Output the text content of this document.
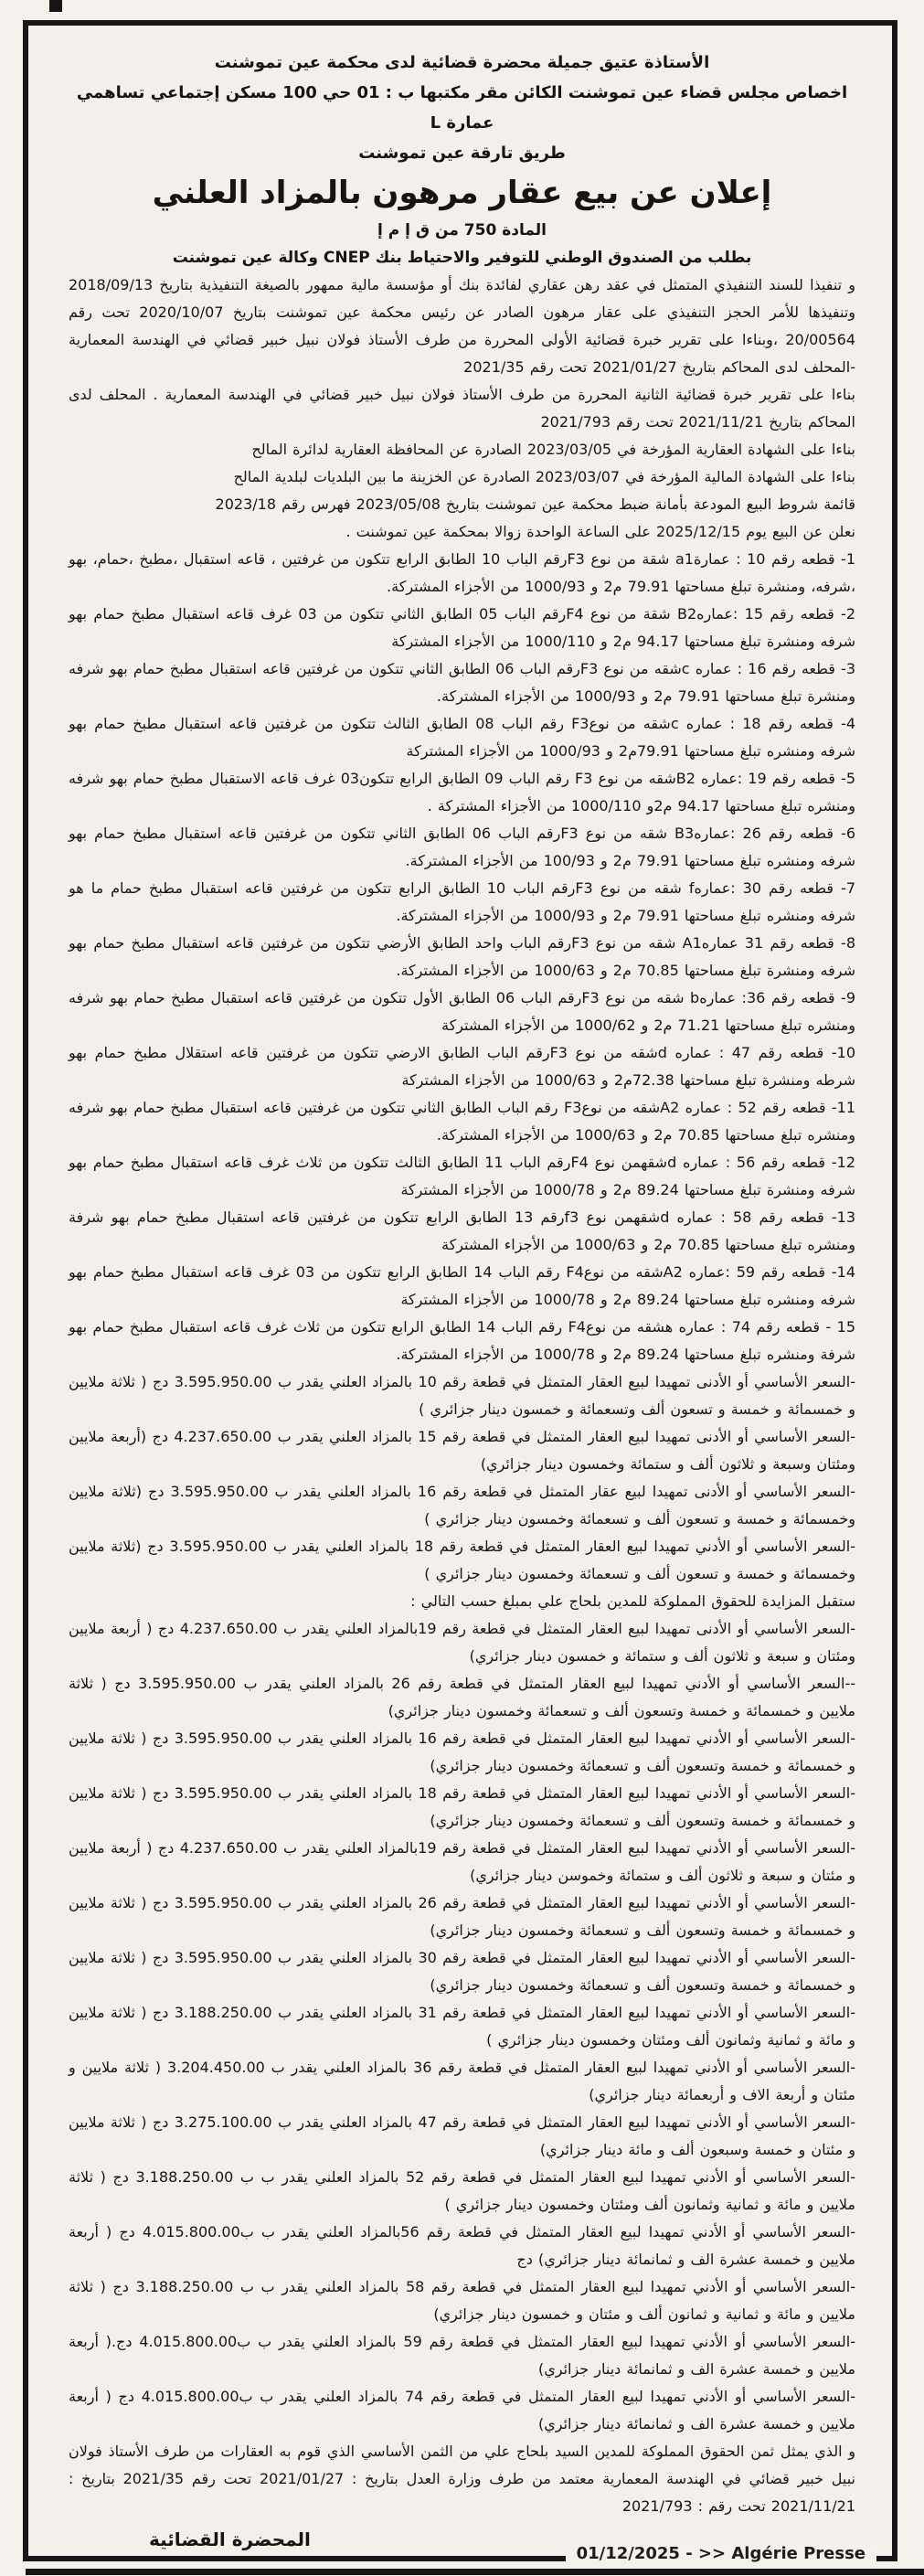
الأستاذة عتيق جميلة محضرة قضائية لدى محكمة عين تموشنت

اخصاص مجلس قضاء عين تموشنت الكائن مقر مكتبها ب : 01 حي 100 مسكن إجتماعي تساهمي عمارة L

طريق تارقة عين تموشنت

إعلان عن بيع عقار مرهون بالمزاد العلني

المادة 750 من ق إ م إ

بطلب من الصندوق الوطني للتوفير والاحتياط بنك CNEP وكالة عين تموشنت

و تنفيذا للسند التنفيذي المتمثل في عقد رهن عقاري لفائدة بنك أو مؤسسة مالية ممهور بالصيغة التنفيذية بتاريخ 2018/09/13 وتنفيذها للأمر الحجز التنفيذي على عقار مرهون الصادر عن رئيس محكمة عين تموشنت بتاريخ 2020/10/07 تحت رقم 20/00564 ،وبناءا على تقرير خبرة قضائية الأولى المحررة من طرف الأستاذ فولان نبيل خبير قضائي في الهندسة المعمارية -المحلف لدى المحاكم بتاريخ 2021/01/27 تحت رقم 2021/35

بناءا على تقرير خبرة قضائية الثانية المحررة من طرف الأستاذ فولان نبيل خبير قضائي في الهندسة المعمارية . المحلف لدى المحاكم بتاريخ 2021/11/21 تحت رقم 2021/793

بناءا على الشهادة العقارية المؤرخة في 2023/03/05 الصادرة عن المحافظة العقارية لدائرة المالح

بناءا على الشهادة المالية المؤرخة في 2023/03/07 الصادرة عن الخزينة ما بين البلديات لبلدية المالح

قائمة شروط البيع المودعة بأمانة ضبط محكمة عين تموشنت بتاريخ 2023/05/08 فهرس رقم 2023/18

نعلن عن البيع يوم 2025/12/15 على الساعة الواحدة زوالا بمحكمة عين تموشنت .

1- قطعه رقم 10 : عمارةa1 شقة من نوع F3رقم الباب 10 الطابق الرابع تتكون من غرفتين ، قاعه استقبال ،مطبخ ،حمام، بهو ،شرفه، ومنشرة تبلغ مساحتها 79.91 م2 و 1000/93 من الأجزاء المشتركة.

2- قطعه رقم 15 :عمارهB2 شقة من نوع F4رقم الباب 05 الطابق الثاني تتكون من 03 غرف قاعه استقبال مطبخ حمام بهو شرفه ومنشرة تبلغ مساحتها 94.17 م2 و 1000/110 من الأجزاء المشتركة

3- قطعه رقم 16 : عماره cشقه من نوع F3رقم الباب 06 الطابق الثاني تتكون من غرفتين قاعه استقبال مطبخ حمام بهو شرفه ومنشرة تبلغ مساحتها 79.91 م2 و 1000/93 من الأجزاء المشتركة.

4- قطعه رقم 18 : عماره cشقه من نوعF3 رقم الباب 08 الطابق الثالث تتكون من غرفتين قاعه استقبال مطبخ حمام بهو شرفه ومنشره تبلغ مساحتها 79.91م2 و 1000/93 من الأجزاء المشتركة

5- قطعه رقم 19 :عماره B2شقه من نوع F3 رقم الباب 09 الطابق الرابع تتكون03 غرف قاعه الاستقبال مطبخ حمام بهو شرفه ومنشره تبلغ مساحتها 94.17 م2و 1000/110 من الأجزاء المشتركة .

6- قطعه رقم 26 :عمارهB3 شقه من نوع F3رقم الباب 06 الطابق الثاني تتكون من غرفتين قاعه استقبال مطبخ حمام بهو شرفه ومنشره تبلغ مساحتها 79.91 م2 و 100/93 من الأجزاء المشتركة.

7- قطعه رقم 30 :عمارهf شقه من نوع F3رقم الباب 10 الطابق الرابع تتكون من غرفتين قاعه استقبال مطبخ حمام ما هو شرفه ومنشره تبلغ مساحتها 79.91 م2 و 1000/93 من الأجزاء المشتركة.

8- قطعه رقم 31 عمارهA1 شقه من نوع F3رقم الباب واحد الطابق الأرضي تتكون من غرفتين قاعه استقبال مطبخ حمام بهو شرفه ومنشرة تبلغ مساحتها 70.85 م2 و 1000/63 من الأجزاء المشتركة.

9- قطعه رقم 36: عمارهb شقه من نوع F3رقم الباب 06 الطابق الأول تتكون من غرفتين قاعه استقبال مطبخ حمام بهو شرفه ومنشره تبلغ مساحتها 71.21 م2 و 1000/62 من الأجزاء المشتركة

10- قطعه رقم 47 : عماره dشقه من نوع F3رقم الباب الطابق الارضي تتكون من غرفتين قاعه استقلال مطبخ حمام بهو شرطه ومنشرة تبلغ مساحتها 72.38م2 و 1000/63 من الأجزاء المشتركة

11- قطعه رقم 52 : عماره A2شقه من نوعF3 رقم الباب الطابق الثاني تتكون من غرفتين قاعه استقبال مطبخ حمام بهو شرفه ومنشره تبلغ مساحتها 70.85 م2 و 1000/63 من الأجزاء المشتركة.

12- قطعه رقم 56 : عماره dشقهمن نوع F4رقم الباب 11 الطابق الثالث تتكون من ثلاث غرف قاعه استقبال مطبخ حمام بهو شرفه ومنشرة تبلغ مساحتها 89.24 م2 و 1000/78 من الأجزاء المشتركة

13- قطعه رقم 58 : عماره dشقهمن نوع f3رقم 13 الطابق الرابع تتكون من غرفتين قاعه استقبال مطبخ حمام بهو شرفة ومنشره تبلغ مساحتها 70.85 م2 و 1000/63 من الأجزاء المشتركة

14- قطعه رقم 59 :عماره A2شقه من نوعF4 رقم الباب 14 الطابق الرابع تتكون من 03 غرف قاعه استقبال مطبخ حمام بهو شرفه ومنشره تبلغ مساحتها 89.24 م2 و 1000/78 من الأجزاء المشتركة

15 - قطعه رقم 74 : عماره هشقه من نوعF4 رقم الباب 14 الطابق الرابع تتكون من ثلاث غرف قاعه استقبال مطبخ حمام بهو شرفة ومنشره تبلغ مساحتها 89.24 م2 و 1000/78 من الأجزاء المشتركة.

-السعر الأساسي أو الأدنى تمهيدا لبيع العقار المتمثل في قطعة رقم 10 بالمزاد العلني يقدر ب 3.595.950.00 دج ( ثلاثة ملايين و خمسمائة و خمسة و تسعون ألف وتسعمائة و خمسون دينار جزائري )

-السعر الأساسي أو الأدنى تمهيدا لبيع العقار المتمثل في قطعة رقم 15 بالمزاد العلني يقدر ب 4.237.650.00 دج (أربعة ملايين ومئتان وسبعة و ثلاثون ألف و ستمائة وخمسون دينار جزائري)

-السعر الأساسي أو الأدنى تمهيدا لبيع عقار المتمثل في قطعة رقم 16 بالمزاد العلني يقدر ب 3.595.950.00 دج (ثلاثة ملايين وخمسمائة و خمسة و تسعون ألف و تسعمائة وخمسون دينار جزائري )

-السعر الأساسي أو الأدني تمهيدا لبيع العقار المتمثل في قطعة رقم 18 بالمزاد العلني يقدر ب 3.595.950.00 دج (ثلاثة ملايين وخمسمائة و خمسة و تسعون ألف و تسعمائة وخمسون دينار جزائري )

ستقبل المزايدة للحقوق المملوكة للمدين بلحاج علي بمبلغ حسب التالي :

-السعر الأساسي أو الأدنى تمهيدا لبيع العقار المتمثل في قطعة رقم 19بالمزاد العلني يقدر ب 4.237.650.00 دج ( أربعة ملايين ومئتان و سبعة و ثلاثون ألف و ستمائة و خمسون دينار جزائري)

--السعر الأساسي أو الأدني تمهيدا لبيع العقار المتمثل في قطعة رقم 26 بالمزاد العلني يقدر ب 3.595.950.00 دج ( ثلاثة ملايين و خمسمائة و خمسة وتسعون ألف و تسعمائة وخمسون دينار جزائري)

-السعر الأساسي أو الأدني تمهيدا لبيع العقار المتمثل في قطعة رقم 16 بالمزاد العلني يقدر ب 3.595.950.00 دج ( ثلاثة ملايين و خمسمائة و خمسة وتسعون ألف و تسعمائة وخمسون دينار جزائري)

-السعر الأساسي أو الأدني تمهيدا لبيع العقار المتمثل في قطعة رقم 18 بالمزاد العلني يقدر ب 3.595.950.00 دج ( ثلاثة ملايين و خمسمائة و خمسة وتسعون ألف و تسعمائة وخمسون دينار جزائري)

-السعر الأساسي أو الأدني تمهيدا لبيع العقار المتمثل في قطعة رقم 19بالمزاد العلني يقدر ب 4.237.650.00 دج ( أربعة ملايين و مئتان و سبعة و ثلاثون ألف و ستمائة وخموسن دينار جزائري)

-السعر الأساسي أو الأدني تمهيدا لبيع العقار المتمثل في قطعة رقم 26 بالمزاد العلني يقدر ب 3.595.950.00 دج ( ثلاثة ملايين و خمسمائة و خمسة وتسعون ألف و تسعمائة وخمسون دينار جزائري)

-السعر الأساسي أو الأدني تمهيدا لبيع العقار المتمثل في قطعة رقم 30 بالمزاد العلني يقدر ب 3.595.950.00 دج ( ثلاثة ملايين و خمسمائة و خمسة وتسعون ألف و تسعمائة وخمسون دينار جزائري)

-السعر الأساسي أو الأدني تمهيدا لبيع العقار المتمثل في قطعة رقم 31 بالمزاد العلني يقدر ب 3.188.250.00 دج ( ثلاثة ملايين و مائة و ثمانية وثمانون ألف ومئتان وخمسون دينار جزائري )

-السعر الأساسي أو الأدني تمهيدا لبيع العقار المتمثل في قطعة رقم 36 بالمزاد العلني يقدر ب 3.204.450.00 ( ثلاثة ملايين و مئتان و أربعة الاف و أربعمائة دينار جزائري)

-السعر الأساسي أو الأدني تمهيدا لبيع العقار المتمثل في قطعة رقم 47 بالمزاد العلني يقدر ب 3.275.100.00 دج ( ثلاثة ملايين و مئتان و خمسة وسبعون ألف و مائة دينار جزائري)

-السعر الأساسي أو الأدني تمهيدا لبيع العقار المتمثل في قطعة رقم 52 بالمزاد العلني يقدر ب ب 3.188.250.00 دج ( ثلاثة ملايين و مائة و ثمانية وثمانون ألف ومئتان وخمسون دينار جزائري )

-السعر الأساسي أو الأدني تمهيدا لبيع العقار المتمثل في قطعة رقم 56بالمزاد العلني يقدر ب ب4.015.800.00 دج ( أربعة ملايين و خمسة عشرة الف و ثمانمائة دينار جزائري) دج

-السعر الأساسي أو الأدني تمهيدا لبيع العقار المتمثل في قطعة رقم 58 بالمزاد العلني يقدر ب ب 3.188.250.00 دج ( ثلاثة ملايين و مائة و ثمانية و ثمانون ألف و مئتان و خمسون دينار جزائري)

-السعر الأساسي أو الأدني تمهيدا لبيع العقار المتمثل في قطعة رقم 59 بالمزاد العلني يقدر ب ب4.015.800.00 دج.( أربعة ملايين و خمسة عشرة الف و ثمانمائة دينار جزائري)

-السعر الأساسي أو الأدني تمهيدا لبيع العقار المتمثل في قطعة رقم 74 بالمزاد العلني يقدر ب ب4.015.800.00 دج ( أربعة ملايين و خمسة عشرة الف و ثمانمائة دينار جزائري)

و الذي يمثل ثمن الحقوق المملوكة للمدين السيد بلحاج علي من الثمن الأساسي الذي قوم به العقارات من طرف الأستاذ فولان نبيل خبير قضائي في الهندسة المعمارية معتمد من طرف وزارة العدل بتاريخ : 2021/01/27 تحت رقم 2021/35 بتاريخ : 2021/11/21 تحت رقم : 2021/793

المحضرة القضائية

01/12/2025 - >> Algérie Presse
